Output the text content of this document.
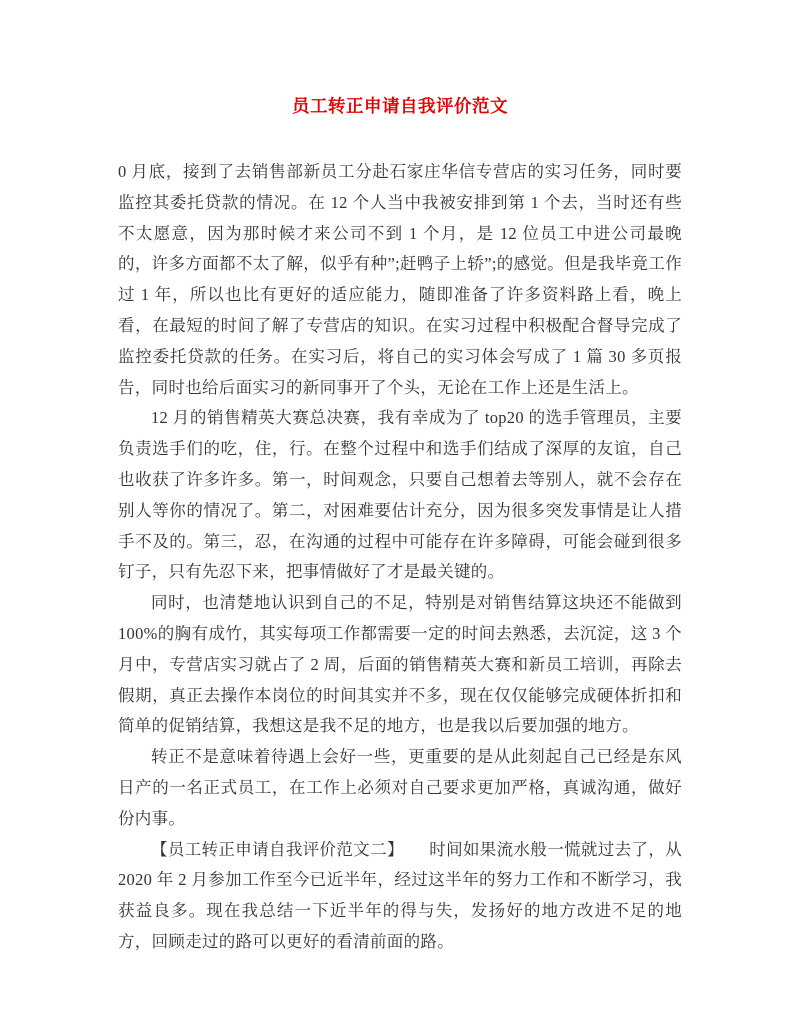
员工转正申请自我评价范文

0 月底，接到了去销售部新员工分赴石家庄华信专营店的实习任务，同时要监控其委托贷款的情况。在 12 个人当中我被安排到第 1 个去，当时还有些不太愿意，因为那时候才来公司不到 1 个月，是 12 位员工中进公司最晚的，许多方面都不太了解，似乎有种”;赶鸭子上轿”;的感觉。但是我毕竟工作过 1 年，所以也比有更好的适应能力，随即准备了许多资料路上看，晚上看，在最短的时间了解了专营店的知识。在实习过程中积极配合督导完成了监控委托贷款的任务。在实习后，将自己的实习体会写成了 1 篇 30 多页报告，同时也给后面实习的新同事开了个头，无论在工作上还是生活上。

12 月的销售精英大赛总决赛，我有幸成为了 top20 的选手管理员，主要负责选手们的吃，住，行。在整个过程中和选手们结成了深厚的友谊，自己也收获了许多许多。第一，时间观念，只要自己想着去等别人，就不会存在别人等你的情况了。第二，对困难要估计充分，因为很多突发事情是让人措手不及的。第三，忍，在沟通的过程中可能存在许多障碍，可能会碰到很多钉子，只有先忍下来，把事情做好了才是最关键的。

同时，也清楚地认识到自己的不足，特别是对销售结算这块还不能做到 100%的胸有成竹，其实每项工作都需要一定的时间去熟悉，去沉淀，这 3 个月中，专营店实习就占了 2 周，后面的销售精英大赛和新员工培训，再除去假期，真正去操作本岗位的时间其实并不多，现在仅仅能够完成硬体折扣和简单的促销结算，我想这是我不足的地方，也是我以后要加强的地方。

转正不是意味着待遇上会好一些，更重要的是从此刻起自己已经是东风日产的一名正式员工，在工作上必须对自己要求更加严格，真诚沟通，做好份内事。

【员工转正申请自我评价范文二】　　时间如果流水般一慌就过去了，从 2020 年 2 月参加工作至今已近半年，经过这半年的努力工作和不断学习，我获益良多。现在我总结一下近半年的得与失，发扬好的地方改进不足的地方，回顾走过的路可以更好的看清前面的路。
